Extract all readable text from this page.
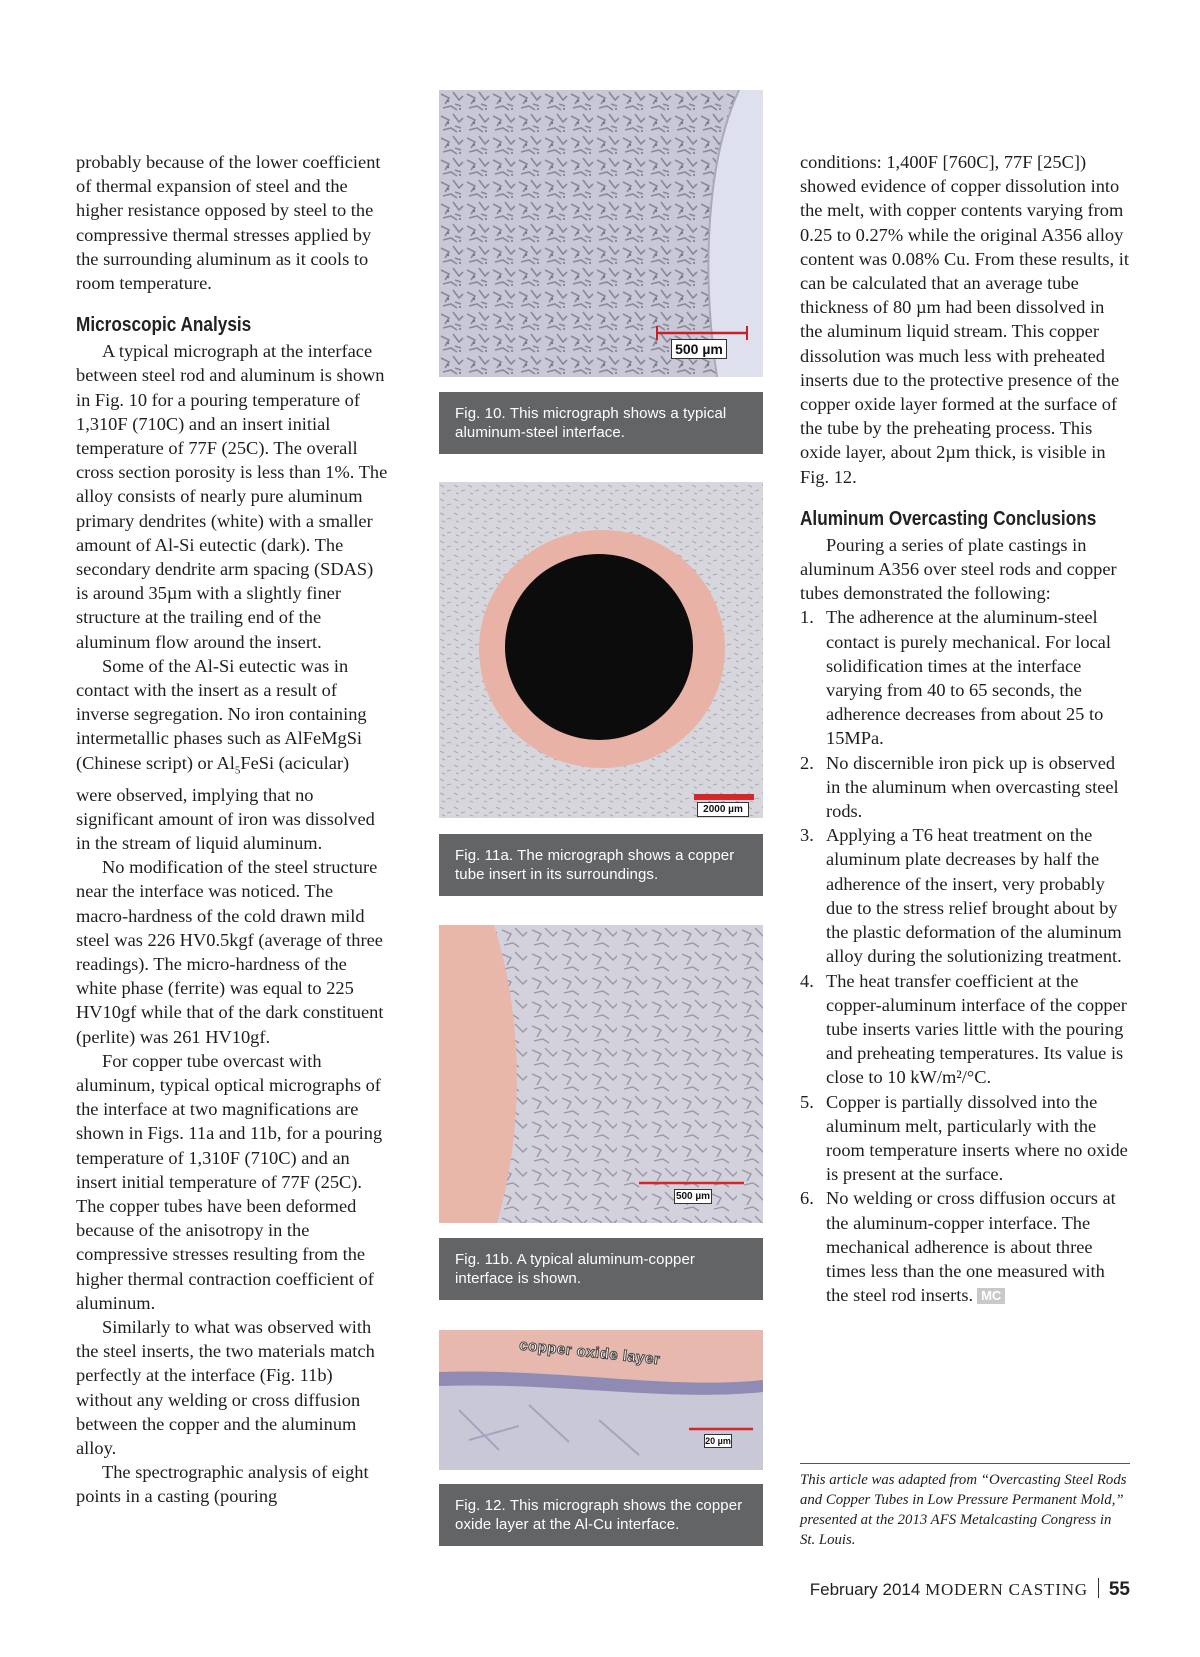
probably because of the lower coefficient of thermal expansion of steel and the higher resistance opposed by steel to the compressive thermal stresses applied by the surrounding aluminum as it cools to room temperature.

Microscopic Analysis

A typical micrograph at the interface between steel rod and aluminum is shown in Fig. 10 for a pouring temperature of 1,310F (710C) and an insert initial temperature of 77F (25C). The overall cross section porosity is less than 1%. The alloy consists of nearly pure aluminum primary dendrites (white) with a smaller amount of Al-Si eutectic (dark). The secondary dendrite arm spacing (SDAS) is around 35µm with a slightly finer structure at the trailing end of the aluminum flow around the insert.

Some of the Al-Si eutectic was in contact with the insert as a result of inverse segregation. No iron containing intermetallic phases such as AlFeMgSi (Chinese script) or $Al_5FeSi$ (acicular) were observed, implying that no significant amount of iron was dissolved in the stream of liquid aluminum.

No modification of the steel structure near the interface was noticed. The macro-hardness of the cold drawn mild steel was 226 HV0.5kgf (average of three readings). The micro-hardness of the white phase (ferrite) was equal to 225 HV10gf while that of the dark constituent (perlite) was 261 HV10gf.

For copper tube overcast with aluminum, typical optical micrographs of the interface at two magnifications are shown in Figs. 11a and 11b, for a pouring temperature of 1,310F (710C) and an insert initial temperature of 77F (25C). The copper tubes have been deformed because of the anisotropy in the compressive stresses resulting from the higher thermal contraction coefficient of aluminum.

Similarly to what was observed with the steel inserts, the two materials match perfectly at the interface (Fig. 11b) without any welding or cross diffusion between the copper and the aluminum alloy.

The spectrographic analysis of eight points in a casting (pouring

500 µm
Fig. 10. This micrograph shows a typical aluminum-steel interface.
2000 µm
Fig. 11a. The micrograph shows a copper tube insert in its surroundings.
500 µm
Fig. 11b. A typical aluminum-copper interface is shown.
copper oxide layer
20 µm
Fig. 12. This micrograph shows the copper oxide layer at the Al-Cu interface.

conditions: 1,400F [760C], 77F [25C]) showed evidence of copper dissolution into the melt, with copper contents varying from 0.25 to 0.27% while the original A356 alloy content was 0.08% Cu. From these results, it can be calculated that an average tube thickness of 80 µm had been dissolved in the aluminum liquid stream. This copper dissolution was much less with preheated inserts due to the protective presence of the copper oxide layer formed at the surface of the tube by the preheating process. This oxide layer, about 2µm thick, is visible in Fig. 12.

Aluminum Overcasting Conclusions

Pouring a series of plate castings in aluminum A356 over steel rods and copper tubes demonstrated the following:

1. The adherence at the aluminum-steel contact is purely mechanical. For local solidification times at the interface varying from 40 to 65 seconds, the adherence decreases from about 25 to 15MPa.
2. No discernible iron pick up is observed in the aluminum when overcasting steel rods.
3. Applying a T6 heat treatment on the aluminum plate decreases by half the adherence of the insert, very probably due to the stress relief brought about by the plastic deformation of the aluminum alloy during the solutionizing treatment.
4. The heat transfer coefficient at the copper-aluminum interface of the copper tube inserts varies little with the pouring and preheating temperatures. Its value is close to 10 kW/m²/°C.
5. Copper is partially dissolved into the aluminum melt, particularly with the room temperature inserts where no oxide is present at the surface.
6. No welding or cross diffusion occurs at the aluminum-copper interface. The mechanical adherence is about three times less than the one measured with the steel rod inserts. MC
This article was adapted from “Overcasting Steel Rods and Copper Tubes in Low Pressure Permanent Mold,” presented at the 2013 AFS Metalcasting Congress in St. Louis.
February 2014 MODERN CASTING 55
